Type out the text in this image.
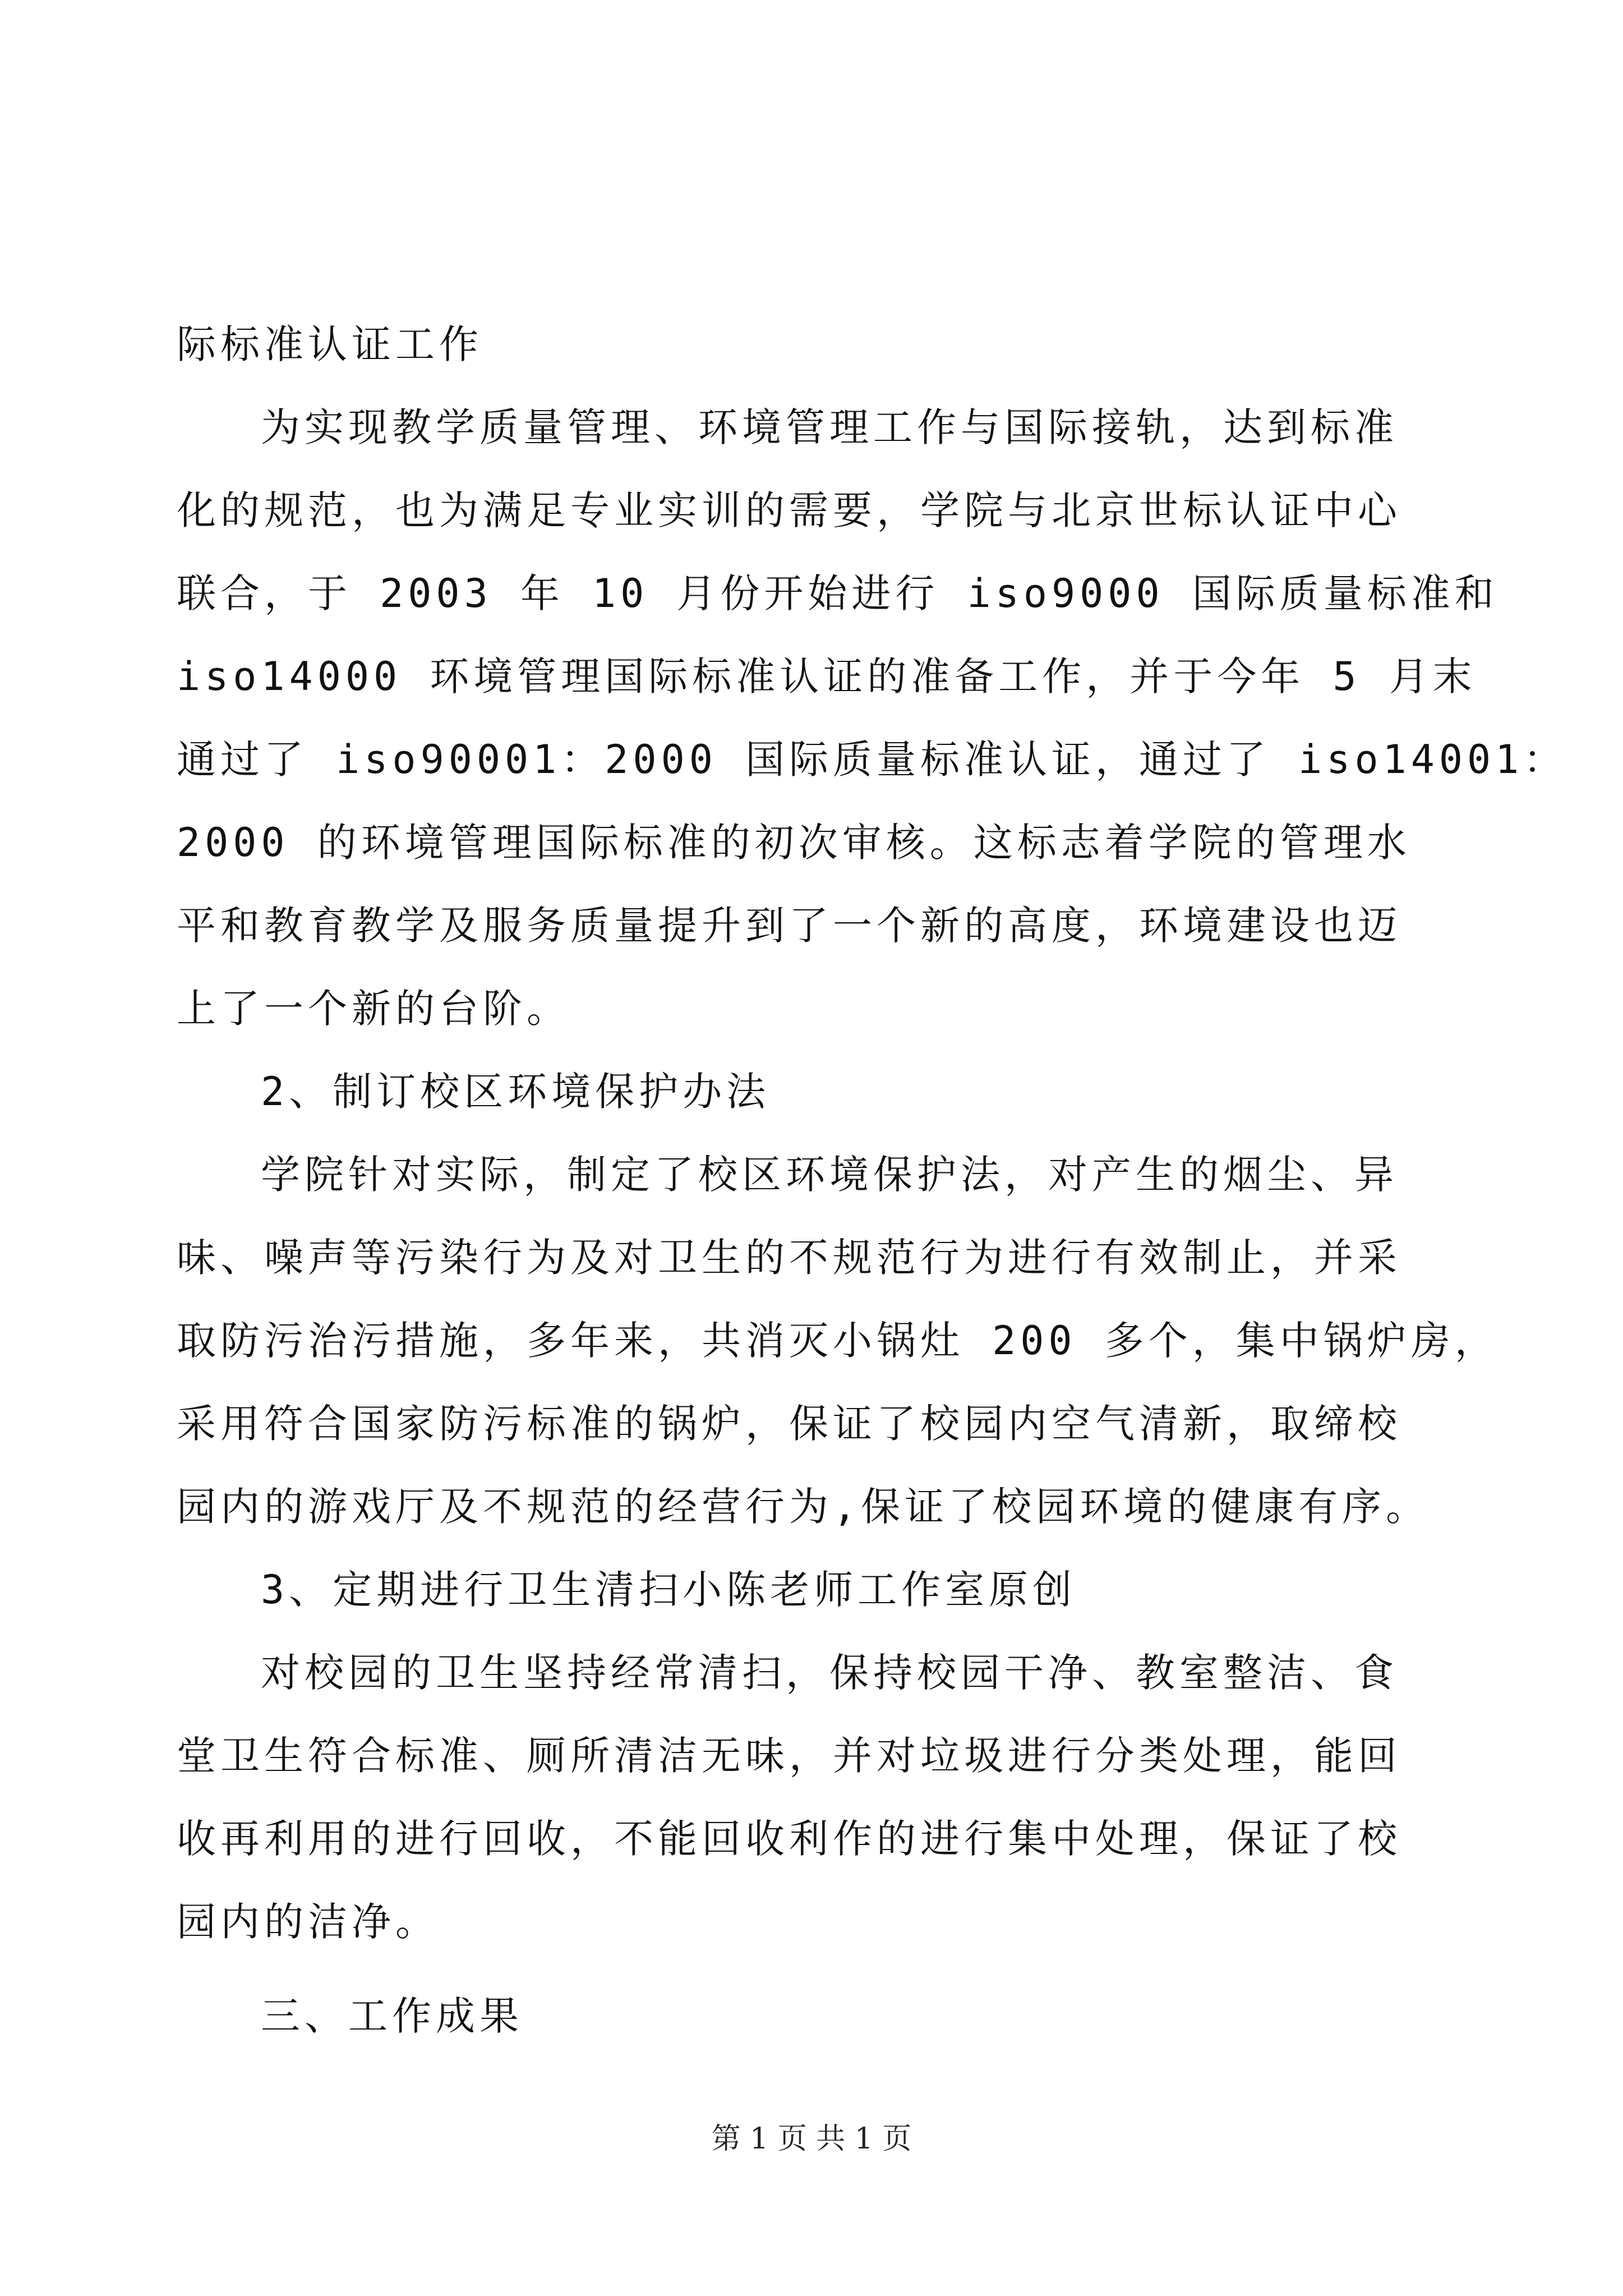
际标准认证工作
为实现教学质量管理、环境管理工作与国际接轨，达到标准
化的规范，也为满足专业实训的需要，学院与北京世标认证中心
联合，于 2003 年 10 月份开始进行 iso9000 国际质量标准和
iso14000 环境管理国际标准认证的准备工作，并于今年 5 月末
通过了 iso90001：2000 国际质量标准认证，通过了 iso14001：
2000 的环境管理国际标准的初次审核。这标志着学院的管理水
平和教育教学及服务质量提升到了一个新的高度，环境建设也迈
上了一个新的台阶。
2、制订校区环境保护办法
学院针对实际，制定了校区环境保护法，对产生的烟尘、异
味、噪声等污染行为及对卫生的不规范行为进行有效制止，并采
取防污治污措施，多年来，共消灭小锅灶 200 多个，集中锅炉房，
采用符合国家防污标准的锅炉，保证了校园内空气清新，取缔校
园内的游戏厅及不规范的经营行为,保证了校园环境的健康有序。
3、定期进行卫生清扫小陈老师工作室原创
对校园的卫生坚持经常清扫，保持校园干净、教室整洁、食
堂卫生符合标准、厕所清洁无味，并对垃圾进行分类处理，能回
收再利用的进行回收，不能回收利作的进行集中处理，保证了校
园内的洁净。
三、工作成果
第 1 页 共 1 页
